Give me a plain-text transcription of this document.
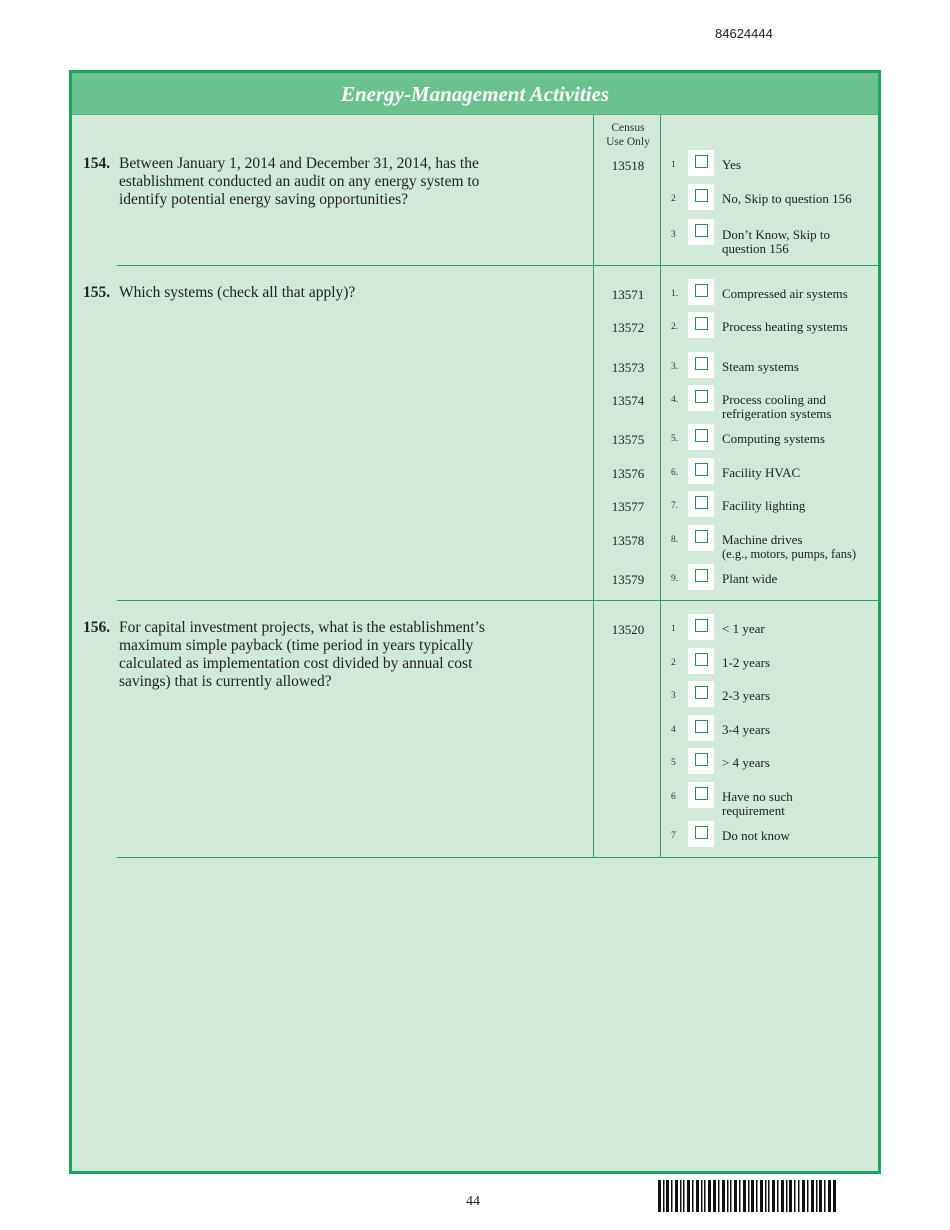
84624444
Energy-Management Activities
Census
Use Only
154. Between January 1, 2014 and December 31, 2014, has the
establishment conducted an audit on any energy system to
identify potential energy saving opportunities?
13518	1	Yes
2	No, Skip to question 156
3	Don’t Know, Skip to
question 156
155. Which systems (check all that apply)?	13571	1.	Compressed air systems
13572	2.	Process heating systems
13573	3.	Steam systems
13574	4.	Process cooling and
refrigeration systems
13575	5.	Computing systems
13576	6.	Facility HVAC
13577	7.	Facility lighting
13578	8.	Machine drives
(e.g., motors, pumps, fans)
13579	9.	Plant wide
156. For capital investment projects, what is the establishment’s
maximum simple payback (time period in years typically
calculated as implementation cost divided by annual cost
savings) that is currently allowed?
13520	1	< 1 year
2	1-2 years
3	2-3 years
4	3-4 years
5	> 4 years
6	Have no such
requirement
7	Do not know
44
